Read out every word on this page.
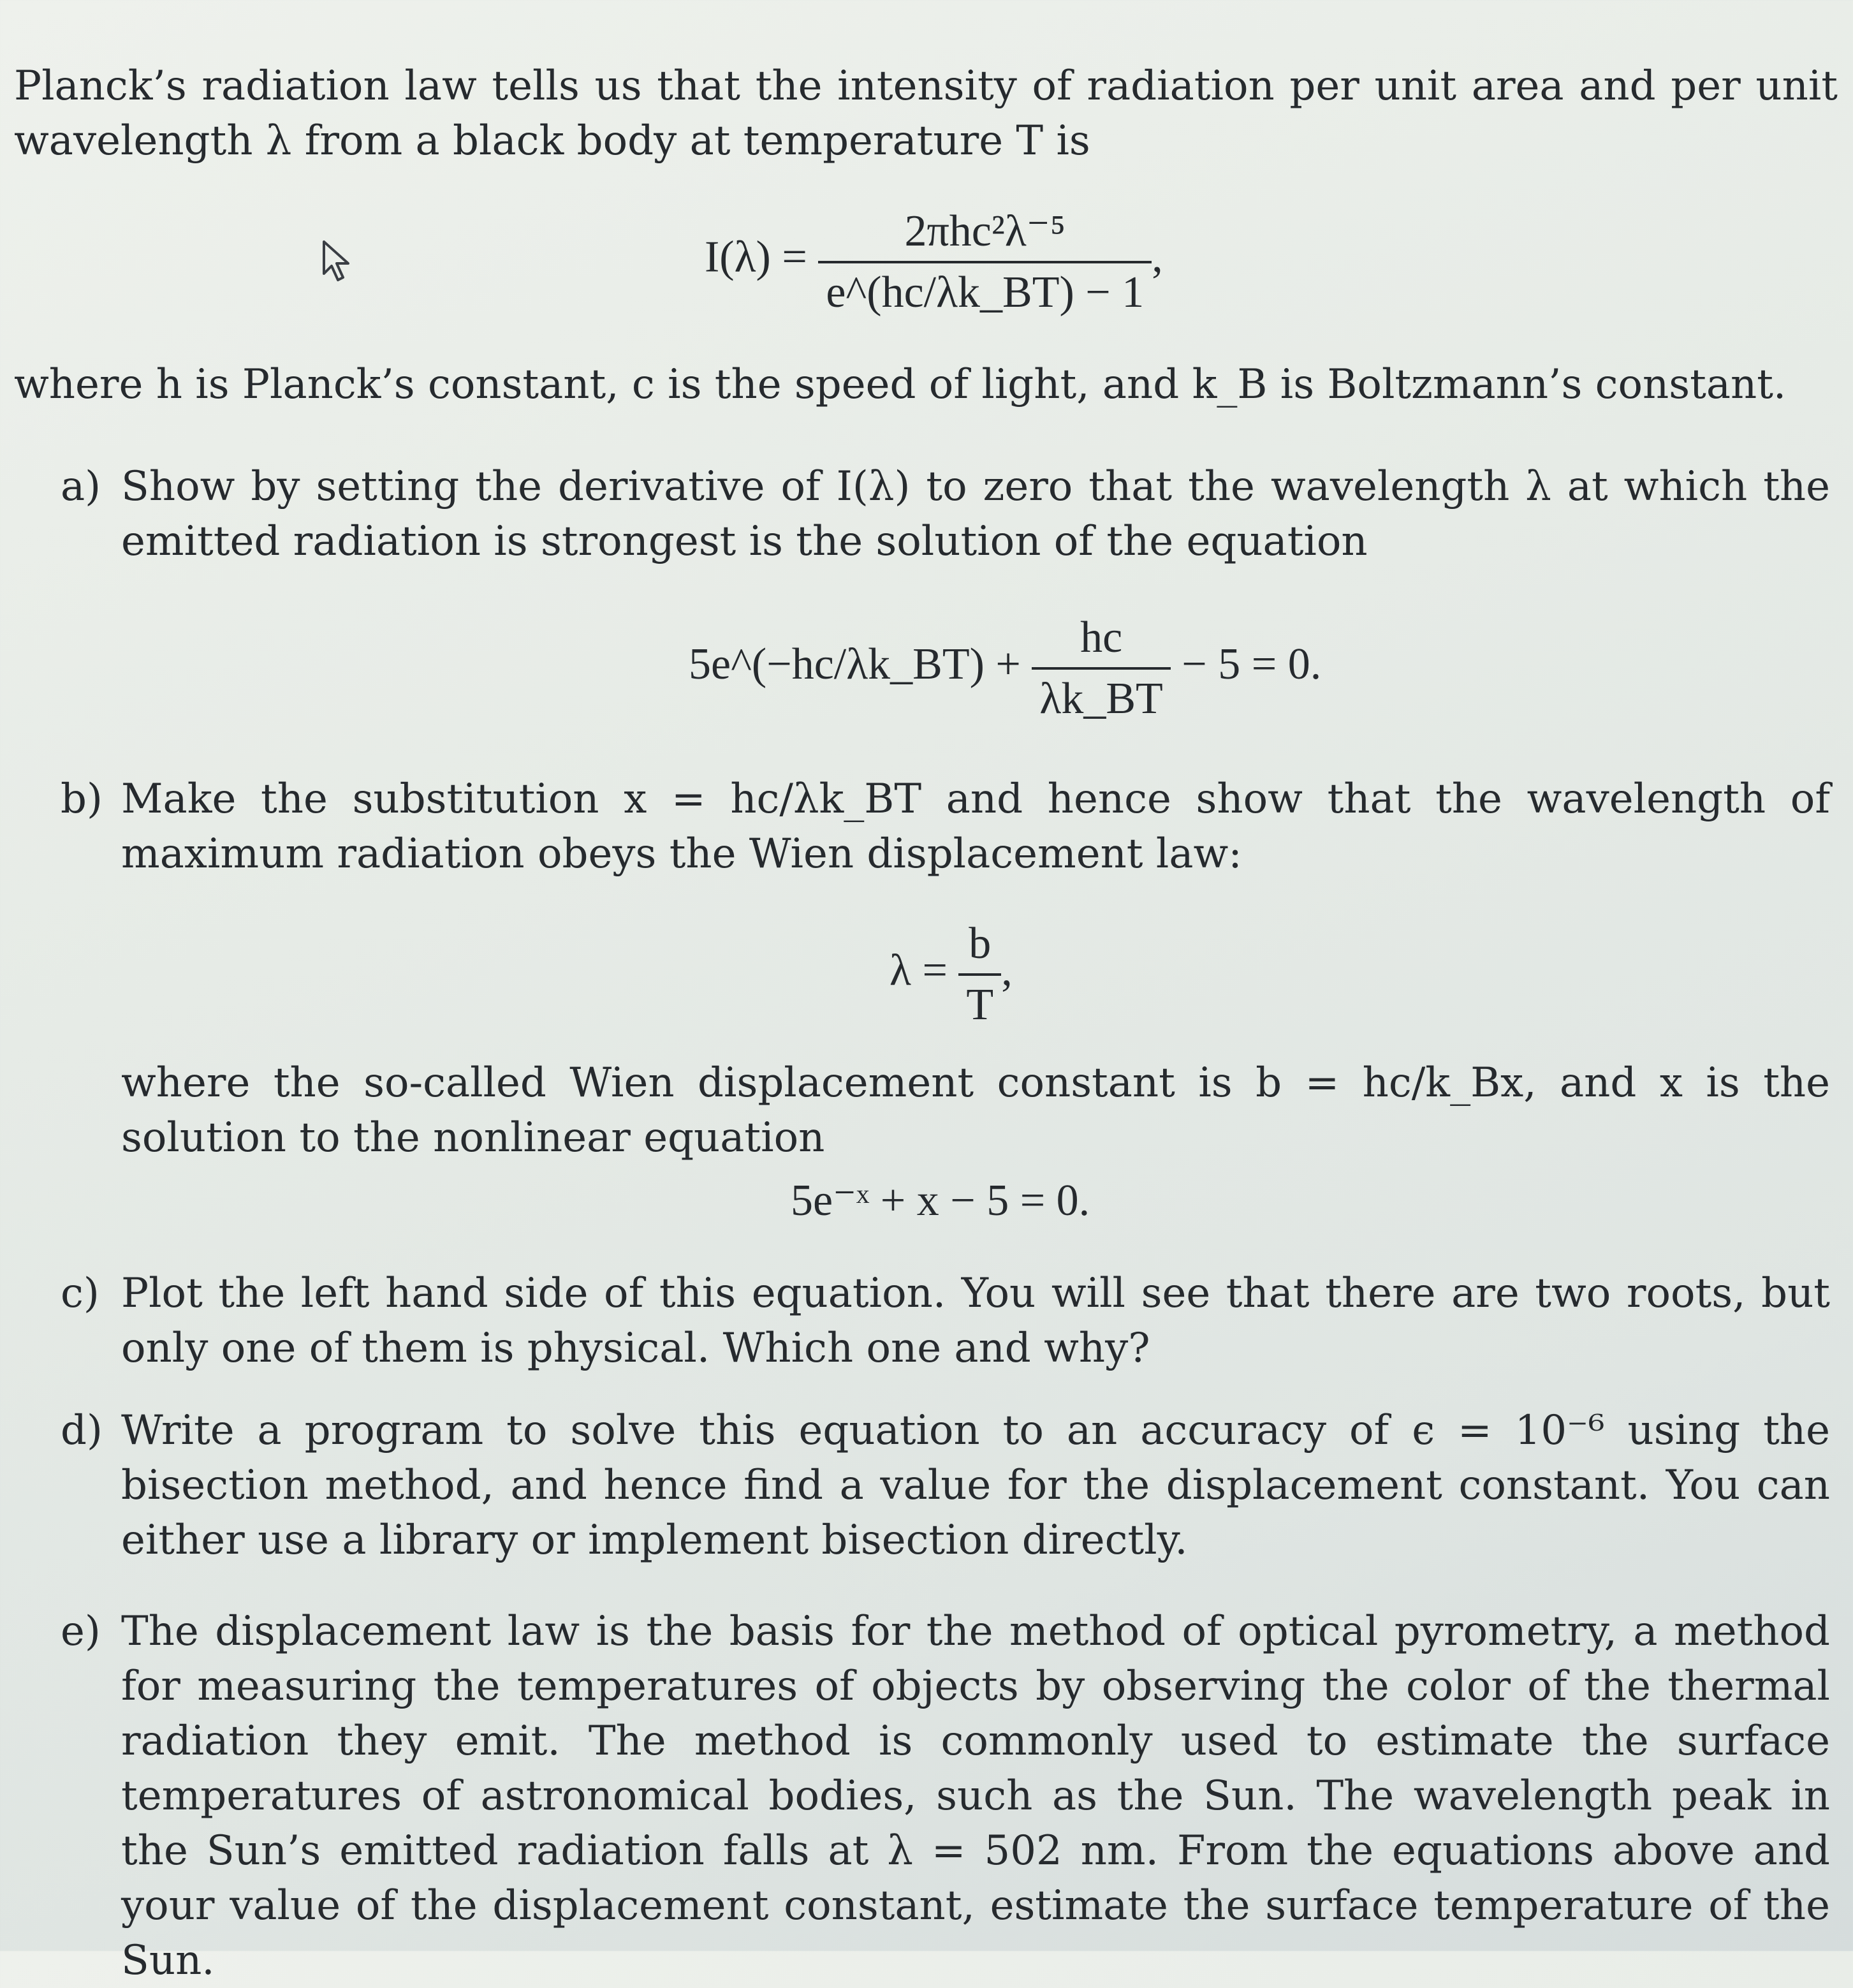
Planck’s radiation law tells us that the intensity of radiation per unit area and per unit wavelength λ from a black body at temperature T is
$I(\lambda) = \frac{\text{2πhc²λ⁻⁵}}{e\^{}(hc/\lambda k\_BT) - 1}$ ,
where h is Planck’s constant, c is the speed of light, and k_B is Boltzmann’s constant.
a) Show by setting the derivative of I(λ) to zero that the wavelength λ at which the emitted radiation is strongest is the solution of the equation
5e^(−hc/λk_BT) + $\frac{hc}{\lambda k\_BT} - 5 = 0$.
b) Make the substitution x = hc/λk_BT and hence show that the wavelength of maximum radiation obeys the Wien displacement law:
$\lambda = \frac{b}{T}$ ,
where the so-called Wien displacement constant is b = hc/k_Bx, and x is the solution to the nonlinear equation
5e⁻ˣ + x − 5 = 0.
c) Plot the left hand side of this equation. You will see that there are two roots, but only one of them is physical. Which one and why?
d) Write a program to solve this equation to an accuracy of ϵ = 10⁻⁶ using the bisection method, and hence find a value for the displacement constant. You can either use a library or implement bisection directly.
e) The displacement law is the basis for the method of optical pyrometry, a method for measuring the temperatures of objects by observing the color of the thermal radiation they emit. The method is commonly used to estimate the surface temperatures of astronomical bodies, such as the Sun. The wavelength peak in the Sun’s emitted radiation falls at λ = 502 nm. From the equations above and your value of the displacement constant, estimate the surface temperature of the Sun.
